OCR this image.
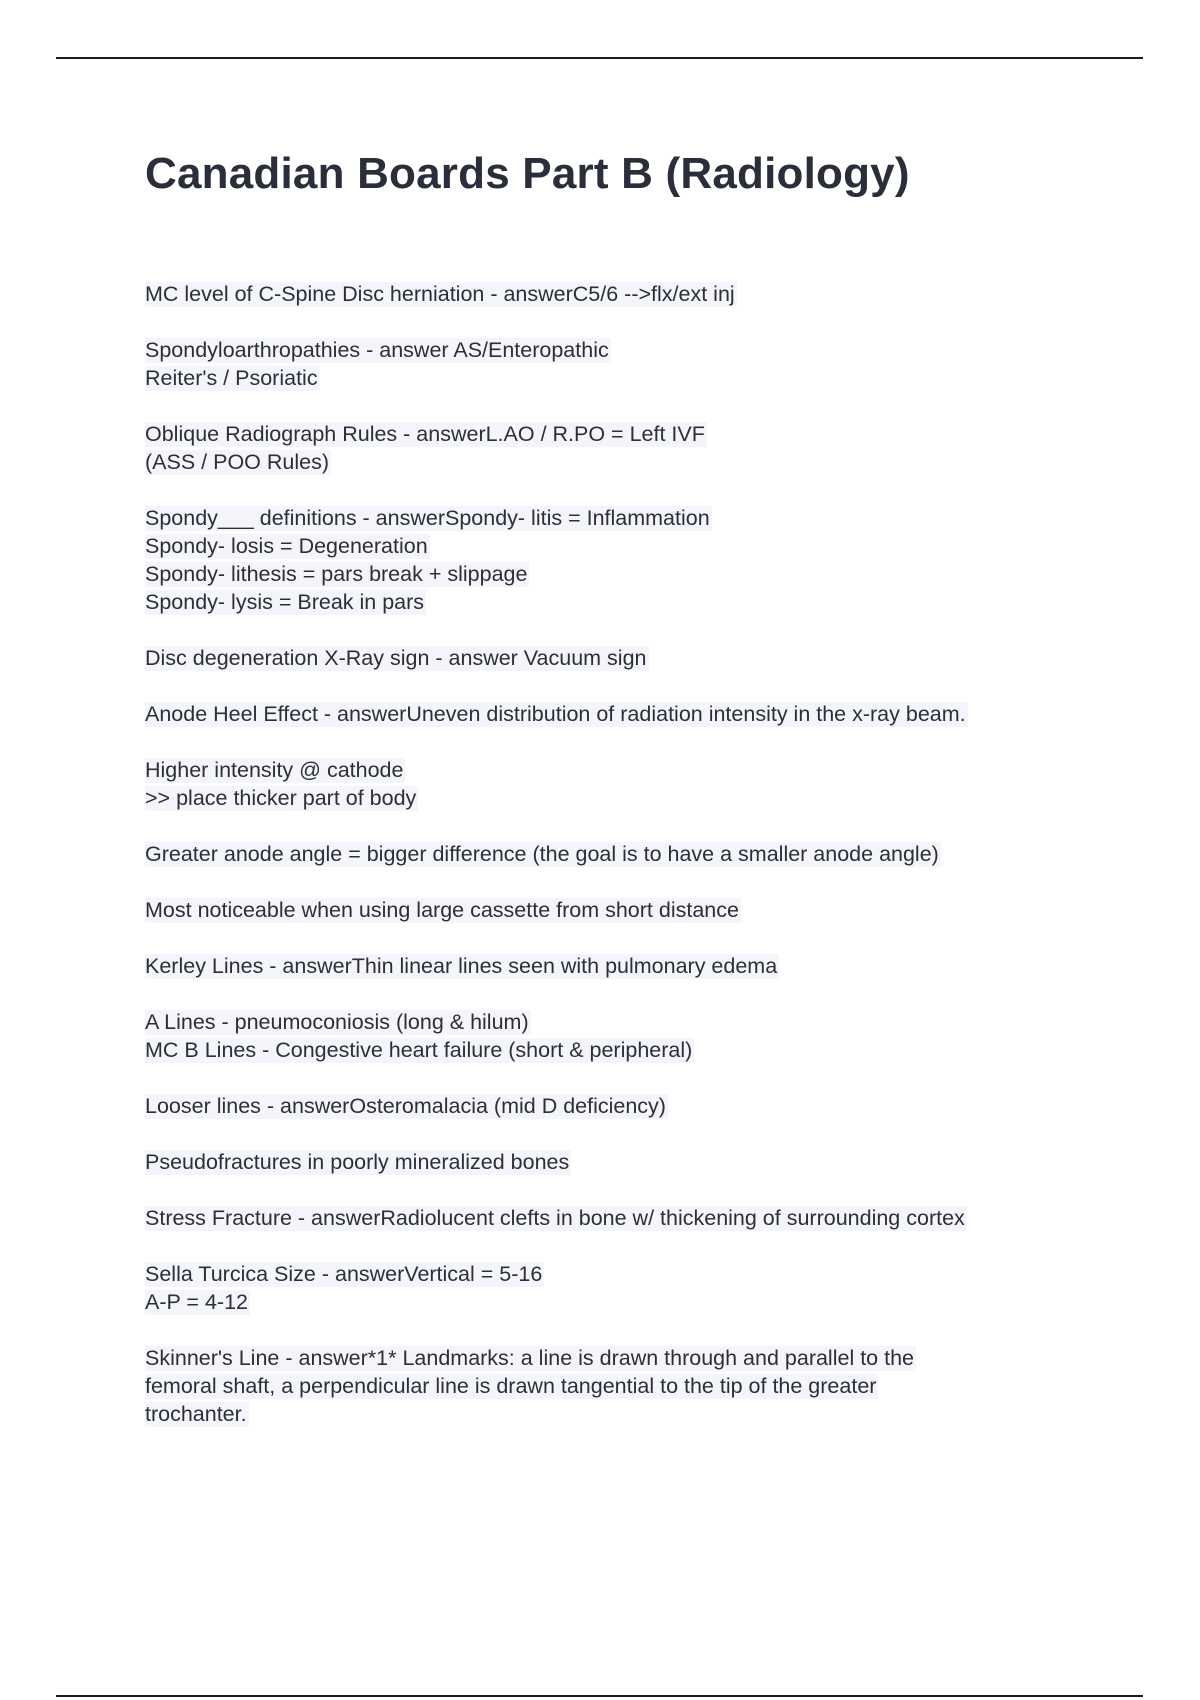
Canadian Boards Part B (Radiology)

MC level of C-Spine Disc herniation - answerC5/6 -->flx/ext inj

Spondyloarthropathies - answer AS/Enteropathic
Reiter's / Psoriatic

Oblique Radiograph Rules - answerL.AO / R.PO = Left IVF
(ASS / POO Rules)

Spondy___ definitions - answerSpondy- litis = Inflammation
Spondy- losis = Degeneration
Spondy- lithesis = pars break + slippage
Spondy- lysis = Break in pars

Disc degeneration X-Ray sign - answer Vacuum sign

Anode Heel Effect - answerUneven distribution of radiation intensity in the x-ray beam.

Higher intensity @ cathode
>> place thicker part of body

Greater anode angle = bigger difference (the goal is to have a smaller anode angle)

Most noticeable when using large cassette from short distance

Kerley Lines - answerThin linear lines seen with pulmonary edema

A Lines - pneumoconiosis (long & hilum)
MC B Lines - Congestive heart failure (short & peripheral)

Looser lines - answerOsteromalacia (mid D deficiency)

Pseudofractures in poorly mineralized bones

Stress Fracture - answerRadiolucent clefts in bone w/ thickening of surrounding cortex

Sella Turcica Size - answerVertical = 5-16
A-P = 4-12

Skinner's Line - answer*1* Landmarks: a line is drawn through and parallel to the
femoral shaft, a perpendicular line is drawn tangential to the tip of the greater
trochanter.
